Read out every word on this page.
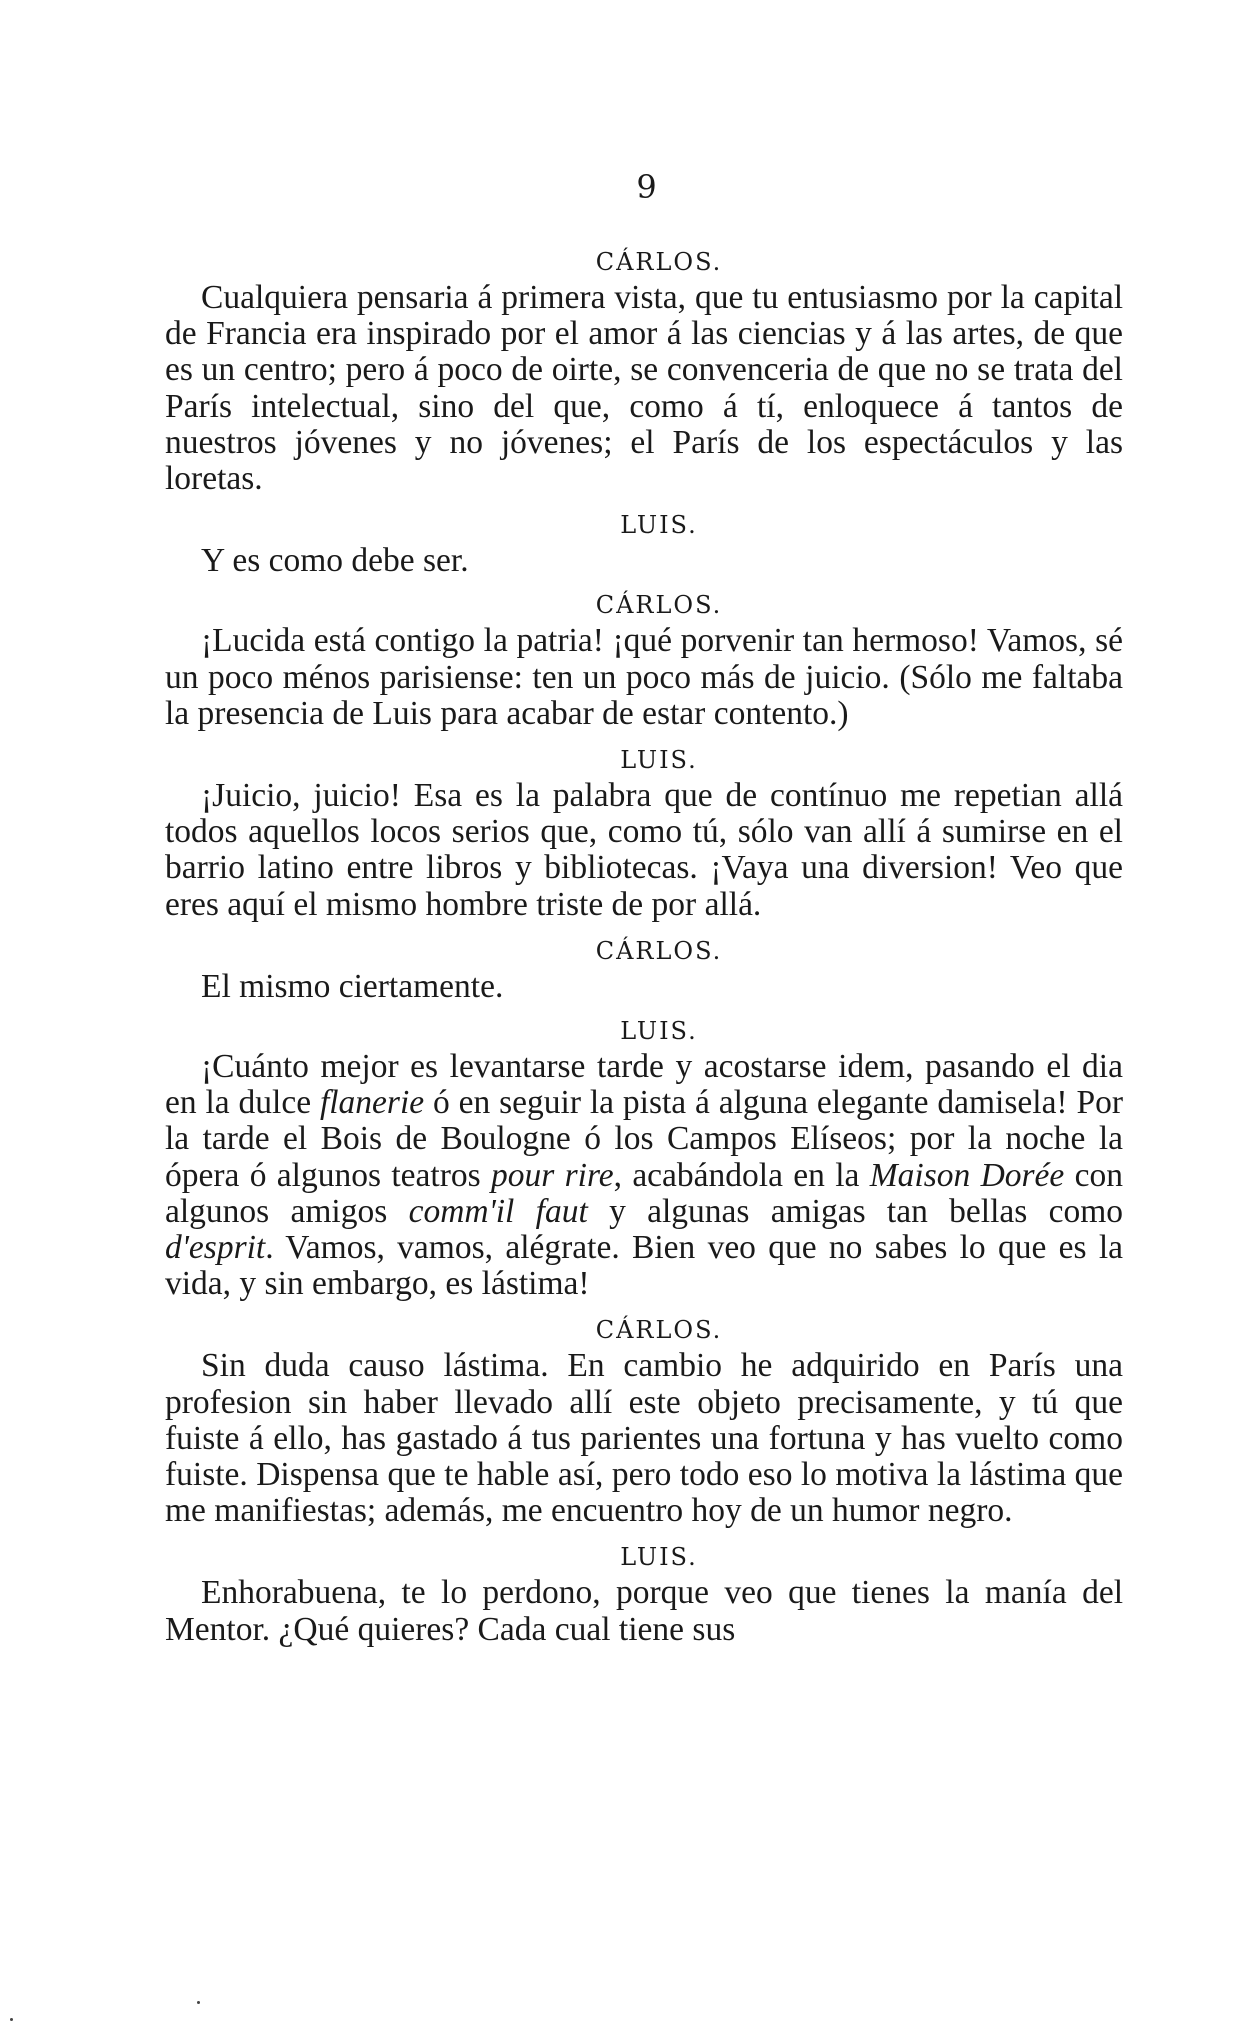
9

CÁRLOS.

Cualquiera pensaria á primera vista, que tu entusiasmo por la capital de Francia era inspirado por el amor á las ciencias y á las artes, de que es un centro; pero á poco de oirte, se convenceria de que no se trata del París intelectual, sino del que, como á tí, enloquece á tantos de nuestros jóvenes y no jóvenes; el París de los espectáculos y las loretas.

LUIS.

Y es como debe ser.

CÁRLOS.

¡Lucida está contigo la patria! ¡qué porvenir tan hermoso! Vamos, sé un poco ménos parisiense: ten un poco más de juicio. (Sólo me faltaba la presencia de Luis para acabar de estar contento.)

LUIS.

¡Juicio, juicio! Esa es la palabra que de contínuo me repetian allá todos aquellos locos serios que, como tú, sólo van allí á sumirse en el barrio latino entre libros y bibliotecas. ¡Vaya una diversion! Veo que eres aquí el mismo hombre triste de por allá.

CÁRLOS.

El mismo ciertamente.

LUIS.

¡Cuánto mejor es levantarse tarde y acostarse idem, pasando el dia en la dulce flanerie ó en seguir la pista á alguna elegante damisela! Por la tarde el Bois de Boulogne ó los Campos Elíseos; por la noche la ópera ó algunos teatros pour rire, acabándola en la Maison Dorée con algunos amigos comm'il faut y algunas amigas tan bellas como d'esprit. Vamos, vamos, alégrate. Bien veo que no sabes lo que es la vida, y sin embargo, es lástima!

CÁRLOS.

Sin duda causo lástima. En cambio he adquirido en París una profesion sin haber llevado allí este objeto precisamente, y tú que fuiste á ello, has gastado á tus parientes una fortuna y has vuelto como fuiste. Dispensa que te hable así, pero todo eso lo motiva la lástima que me manifiestas; además, me encuentro hoy de un humor negro.

LUIS.

Enhorabuena, te lo perdono, porque veo que tienes la manía del Mentor. ¿Qué quieres? Cada cual tiene sus
